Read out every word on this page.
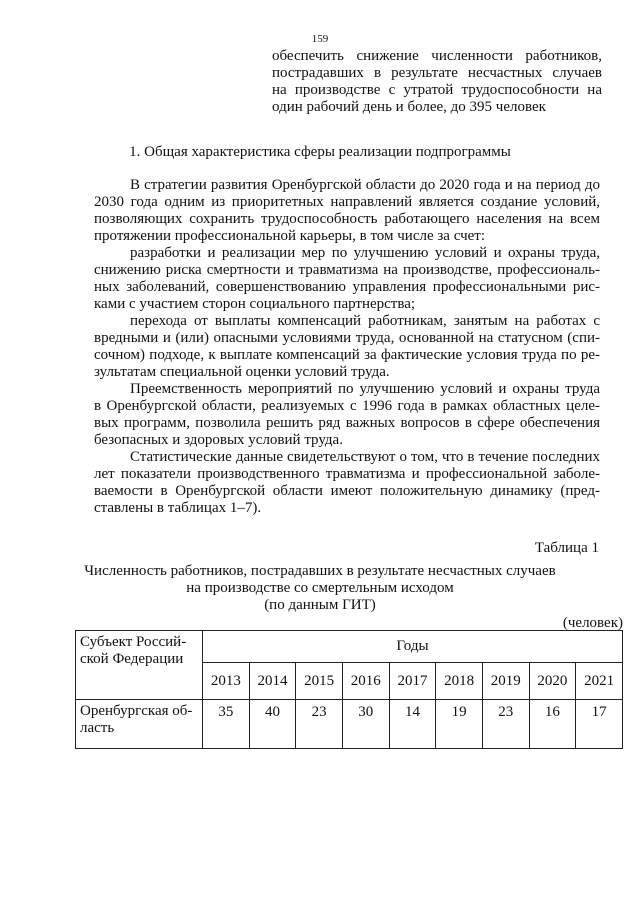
159
обеспечить снижение численности работников,
пострадавших в результате несчастных случаев
на производстве с утратой трудоспособности на
один рабочий день и более, до 395 человек
1. Общая характеристика сферы реализации подпрограммы
В стратегии развития Оренбургской области до 2020 года и на период до
2030 года одним из приоритетных направлений является создание условий,
позволяющих сохранить трудоспособность работающего населения на всем
протяжении профессиональной карьеры, в том числе за счет:
разработки и реализации мер по улучшению условий и охраны труда,
снижению риска смертности и травматизма на производстве, профессиональ-
ных заболеваний, совершенствованию управления профессиональными рис-
ками с участием сторон социального партнерства;
перехода от выплаты компенсаций работникам, занятым на работах с
вредными и (или) опасными условиями труда, основанной на статусном (спи-
сочном) подходе, к выплате компенсаций за фактические условия труда по ре-
зультатам специальной оценки условий труда.
Преемственность мероприятий по улучшению условий и охраны труда
в Оренбургской области, реализуемых с 1996 года в рамках областных целе-
вых программ, позволила решить ряд важных вопросов в сфере обеспечения
безопасных и здоровых условий труда.
Статистические данные свидетельствуют о том, что в течение последних
лет показатели производственного травматизма и профессиональной заболе-
ваемости в Оренбургской области имеют положительную динамику (пред-
ставлены в таблицах 1–7).
Таблица 1
Численность работников, пострадавших в результате несчастных случаев
на производстве со смертельным исходом
(по данным ГИТ)
(человек)
Субъект Россий-
ской Федерации	Годы								
	2013	2014	2015	2016	2017	2018	2019	2020	2021

Оренбургская об-
ласть	35	40	23	30	14	19	23	16	17
